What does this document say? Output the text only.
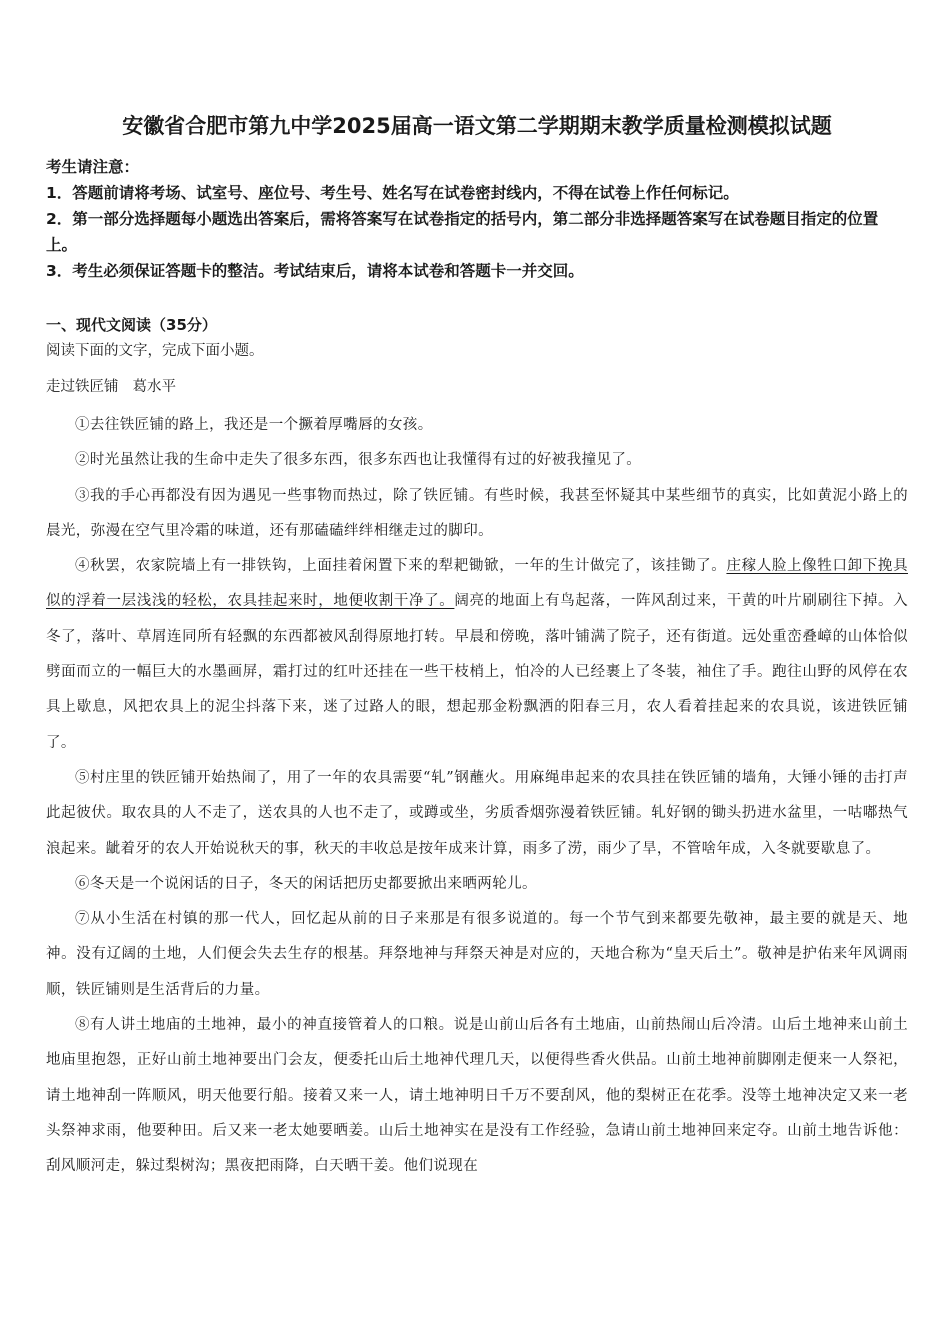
安徽省合肥市第九中学2025届高一语文第二学期期末教学质量检测模拟试题

考生请注意：

1．答题前请将考场、试室号、座位号、考生号、姓名写在试卷密封线内，不得在试卷上作任何标记。

2．第一部分选择题每小题选出答案后，需将答案写在试卷指定的括号内，第二部分非选择题答案写在试卷题目指定的位置上。

3．考生必须保证答题卡的整洁。考试结束后，请将本试卷和答题卡一并交回。

一、现代文阅读（35分）

阅读下面的文字，完成下面小题。

走过铁匠铺 葛水平

①去往铁匠铺的路上，我还是一个撅着厚嘴唇的女孩。

②时光虽然让我的生命中走失了很多东西，很多东西也让我懂得有过的好被我撞见了。

③我的手心再都没有因为遇见一些事物而热过，除了铁匠铺。有些时候，我甚至怀疑其中某些细节的真实，比如黄泥小路上的晨光，弥漫在空气里冷霜的味道，还有那磕磕绊绊相继走过的脚印。

④秋罢，农家院墙上有一排铁钩，上面挂着闲置下来的犁耙锄锨，一年的生计做完了，该挂锄了。庄稼人脸上像牲口卸下挽具似的浮着一层浅浅的轻松，农具挂起来时，地便收割干净了。阔亮的地面上有鸟起落，一阵风刮过来，干黄的叶片刷刷往下掉。入冬了，落叶、草屑连同所有轻飘的东西都被风刮得原地打转。早晨和傍晚，落叶铺满了院子，还有街道。远处重峦叠嶂的山体恰似劈面而立的一幅巨大的水墨画屏，霜打过的红叶还挂在一些干枝梢上，怕冷的人已经裹上了冬装，袖住了手。跑往山野的风停在农具上歇息，风把农具上的泥尘抖落下来，迷了过路人的眼，想起那金粉飘洒的阳春三月，农人看着挂起来的农具说，该进铁匠铺了。

⑤村庄里的铁匠铺开始热闹了，用了一年的农具需要“轧”钢蘸火。用麻绳串起来的农具挂在铁匠铺的墙角，大锤小锤的击打声此起彼伏。取农具的人不走了，送农具的人也不走了，或蹲或坐，劣质香烟弥漫着铁匠铺。轧好钢的锄头扔进水盆里，一咕嘟热气浪起来。龇着牙的农人开始说秋天的事，秋天的丰收总是按年成来计算，雨多了涝，雨少了旱，不管啥年成，入冬就要歇息了。

⑥冬天是一个说闲话的日子，冬天的闲话把历史都要掀出来晒两轮儿。

⑦从小生活在村镇的那一代人，回忆起从前的日子来那是有很多说道的。每一个节气到来都要先敬神，最主要的就是天、地神。没有辽阔的土地，人们便会失去生存的根基。拜祭地神与拜祭天神是对应的，天地合称为“皇天后土”。敬神是护佑来年风调雨顺，铁匠铺则是生活背后的力量。

⑧有人讲土地庙的土地神，最小的神直接管着人的口粮。说是山前山后各有土地庙，山前热闹山后冷清。山后土地神来山前土地庙里抱怨，正好山前土地神要出门会友，便委托山后土地神代理几天，以便得些香火供品。山前土地神前脚刚走便来一人祭祀，请土地神刮一阵顺风，明天他要行船。接着又来一人，请土地神明日千万不要刮风，他的梨树正在花季。没等土地神决定又来一老头祭神求雨，他要种田。后又来一老太她要晒姜。山后土地神实在是没有工作经验，急请山前土地神回来定夺。山前土地告诉他：刮风顺河走，躲过梨树沟；黑夜把雨降，白天晒干姜。他们说现在
